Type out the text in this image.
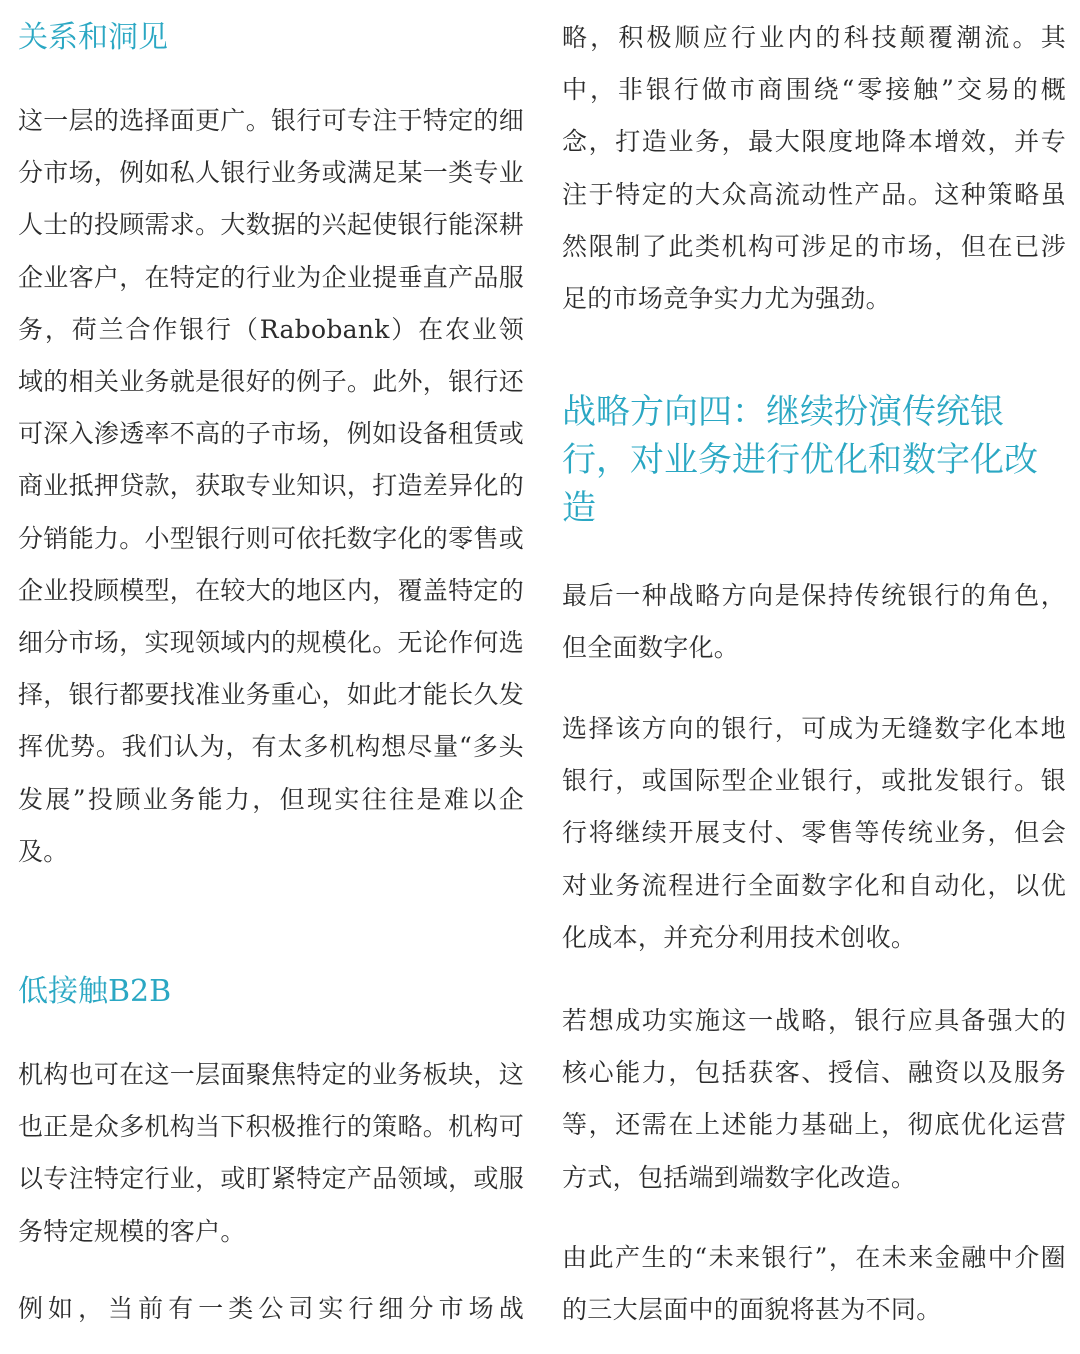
关系和洞见

这一层的选择面更广。银行可专注于特定的细分市场，例如私人银行业务或满足某一类专业人士的投顾需求。大数据的兴起使银行能深耕企业客户，在特定的行业为企业提垂直产品服务，荷兰合作银行（Rabobank）在农业领域的相关业务就是很好的例子。此外，银行还可深入渗透率不高的子市场，例如设备租赁或商业抵押贷款，获取专业知识，打造差异化的分销能力。小型银行则可依托数字化的零售或企业投顾模型，在较大的地区内，覆盖特定的细分市场，实现领域内的规模化。无论作何选择，银行都要找准业务重心，如此才能长久发挥优势。我们认为，有太多机构想尽量“多头发展”投顾业务能力，但现实往往是难以企及。

低接触B2B

机构也可在这一层面聚焦特定的业务板块，这也正是众多机构当下积极推行的策略。机构可以专注特定行业，或盯紧特定产品领域，或服务特定规模的客户。

例如，当前有一类公司实行细分市场战

略，积极顺应行业内的科技颠覆潮流。其中，非银行做市商围绕“零接触”交易的概念，打造业务，最大限度地降本增效，并专注于特定的大众高流动性产品。这种策略虽然限制了此类机构可涉足的市场，但在已涉足的市场竞争实力尤为强劲。

战略方向四：继续扮演传统银行，对业务进行优化和数字化改造

最后一种战略方向是保持传统银行的角色，但全面数字化。

选择该方向的银行，可成为无缝数字化本地银行，或国际型企业银行，或批发银行。银行将继续开展支付、零售等传统业务，但会对业务流程进行全面数字化和自动化，以优化成本，并充分利用技术创收。

若想成功实施这一战略，银行应具备强大的核心能力，包括获客、授信、融资以及服务等，还需在上述能力基础上，彻底优化运营方式，包括端到端数字化改造。

由此产生的“未来银行”，在未来金融中介圈的三大层面中的面貌将甚为不同。
